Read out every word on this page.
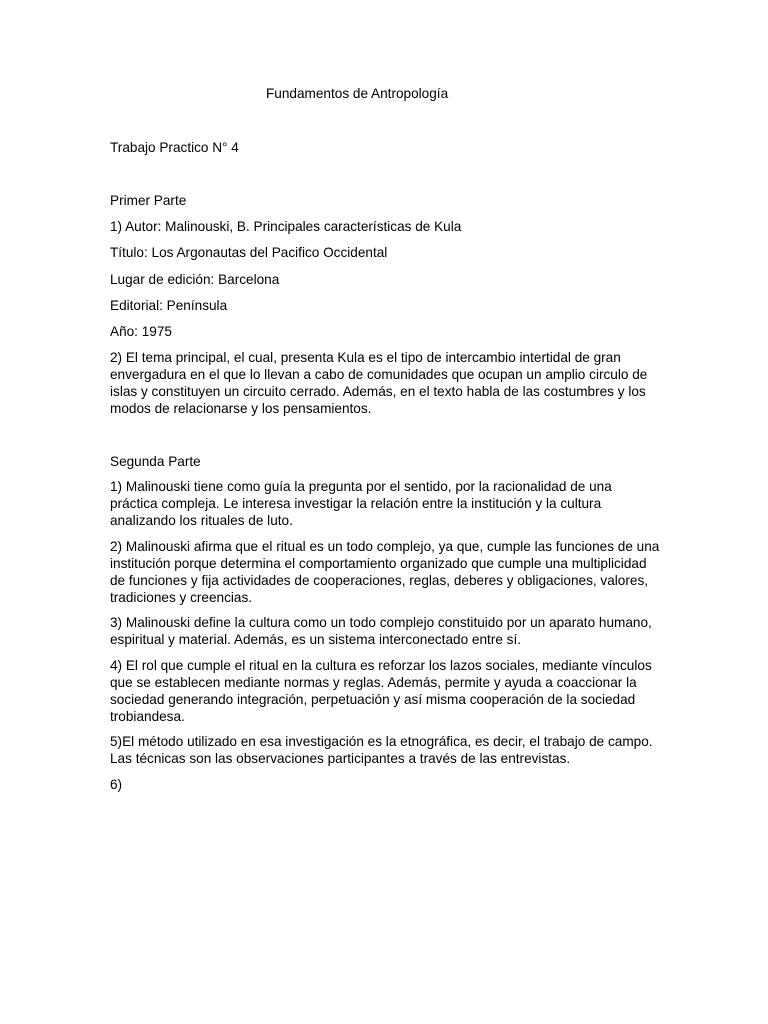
Fundamentos de Antropología

Trabajo Practico N° 4

Primer Parte

1) Autor: Malinouski, B. Principales características de Kula

Título: Los Argonautas del Pacifico Occidental

Lugar de edición: Barcelona

Editorial: Península

Año: 1975

2) El tema principal, el cual, presenta Kula es el tipo de intercambio intertidal de gran envergadura en el que lo llevan a cabo de comunidades que ocupan un amplio circulo de islas y constituyen un circuito cerrado. Además, en el texto habla de las costumbres y los modos de relacionarse y los pensamientos.

Segunda Parte

1) Malinouski tiene como guía la pregunta por el sentido, por la racionalidad de una práctica compleja. Le interesa investigar la relación entre la institución y la cultura analizando los rituales de luto.

2) Malinouski afirma que el ritual es un todo complejo, ya que, cumple las funciones de una institución porque determina el comportamiento organizado que cumple una multiplicidad de funciones y fija actividades de cooperaciones, reglas, deberes y obligaciones, valores, tradiciones y creencias.

3) Malinouski define la cultura como un todo complejo constituido por un aparato humano, espiritual y material. Además, es un sistema interconectado entre sí.

4) El rol que cumple el ritual en la cultura es reforzar los lazos sociales, mediante vínculos que se establecen mediante normas y reglas. Además, permite y ayuda a coaccionar la sociedad generando integración, perpetuación y así misma cooperación de la sociedad trobiandesa.

5)El método utilizado en esa investigación es la etnográfica, es decir, el trabajo de campo. Las técnicas son las observaciones participantes a través de las entrevistas.

6)
